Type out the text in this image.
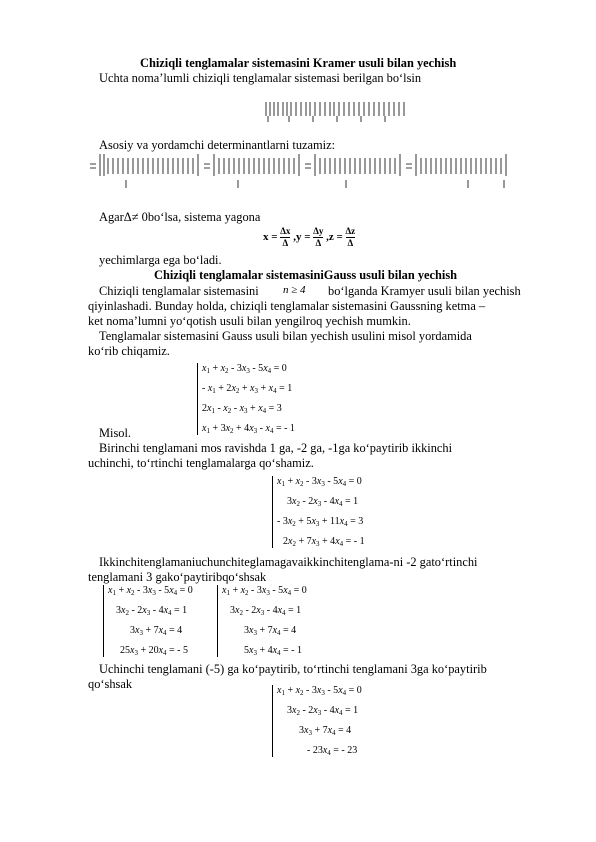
Chiziqli tenglamalar sistemasini Kramer usuli bilan yechish
Uchta noma’lumli chiziqli tenglamalar sistemasi berilgan bo‘lsin
Asosiy va yordamchi determinantlarni tuzamiz:
AgarΔ≠ 0bo‘lsa, sistema yagona
$x = \frac{\Delta x}{\Delta} ,y = \frac{\Delta y}{\Delta} ,z = \frac{\Delta z}{\Delta}$
yechimlarga ega bo‘ladi.
Chiziqli tenglamalar sistemasiniGauss usuli bilan yechish
Chiziqli tenglamalar sistemasini n ≥ 4 bo‘lganda Kramyer usuli bilan yechish
qiyinlashadi. Bunday holda, chiziqli tenglamalar sistemasini Gaussning ketma –
ket noma’lumni yo‘qotish usuli bilan yengilroq yechish mumkin.
Tenglamalar sistemasini Gauss usuli bilan yechish usulini misol yordamida
ko‘rib chiqamiz.
$x_1 + x_2 - 3x_3 - 5x_4 = 0$
- $x_1 + 2x_2 + x_3 + x_4 = 1$
$2x_1 - x_2 - x_3 + x_4 = 3$
$x_1 + 3x_2 + 4x_3 - x_4$ = - 1
Misol.
Birinchi tenglamani mos ravishda 1 ga, -2 ga, -1ga ko‘paytirib ikkinchi
uchinchi, to‘rtinchi tenglamalarga qo‘shamiz.
$x_1 + x_2 - 3x_3 - 5x_4 = 0$
$3x_2 - 2x_3 - 4x_4 = 1$
- $3x_2 + 5x_3 + 11x_4 = 3$
$2x_2 + 7x_3 + 4x_4$ = - 1
Ikkinchitenglamaniuchunchiteglamagavaikkinchitenglama-ni -2 gato‘rtinchi
tenglamani 3 gako‘paytiribqo‘shsak
$x_1 + x_2 - 3x_3 - 5x_4 = 0$
$3x_2 - 2x_3 - 4x_4 = 1$
$3x_3 + 7x_4 = 4$
$25x_3 + 20x_4$ = - 5
$x_1 + x_2 - 3x_3 - 5x_4 = 0$
$3x_2 - 2x_3 - 4x_4 = 1$
$3x_3 + 7x_4 = 4$
$5x_3 + 4x_4$ = - 1
Uchinchi tenglamani (-5) ga ko‘paytirib, to‘rtinchi tenglamani 3ga ko‘paytirib
qo‘shsak	$x_1 + x_2 - 3x_3 - 5x_4 = 0$
$3x_2 - 2x_3 - 4x_4 = 1$
$3x_3 + 7x_4 = 4$
- $23x_4$ = - 23
